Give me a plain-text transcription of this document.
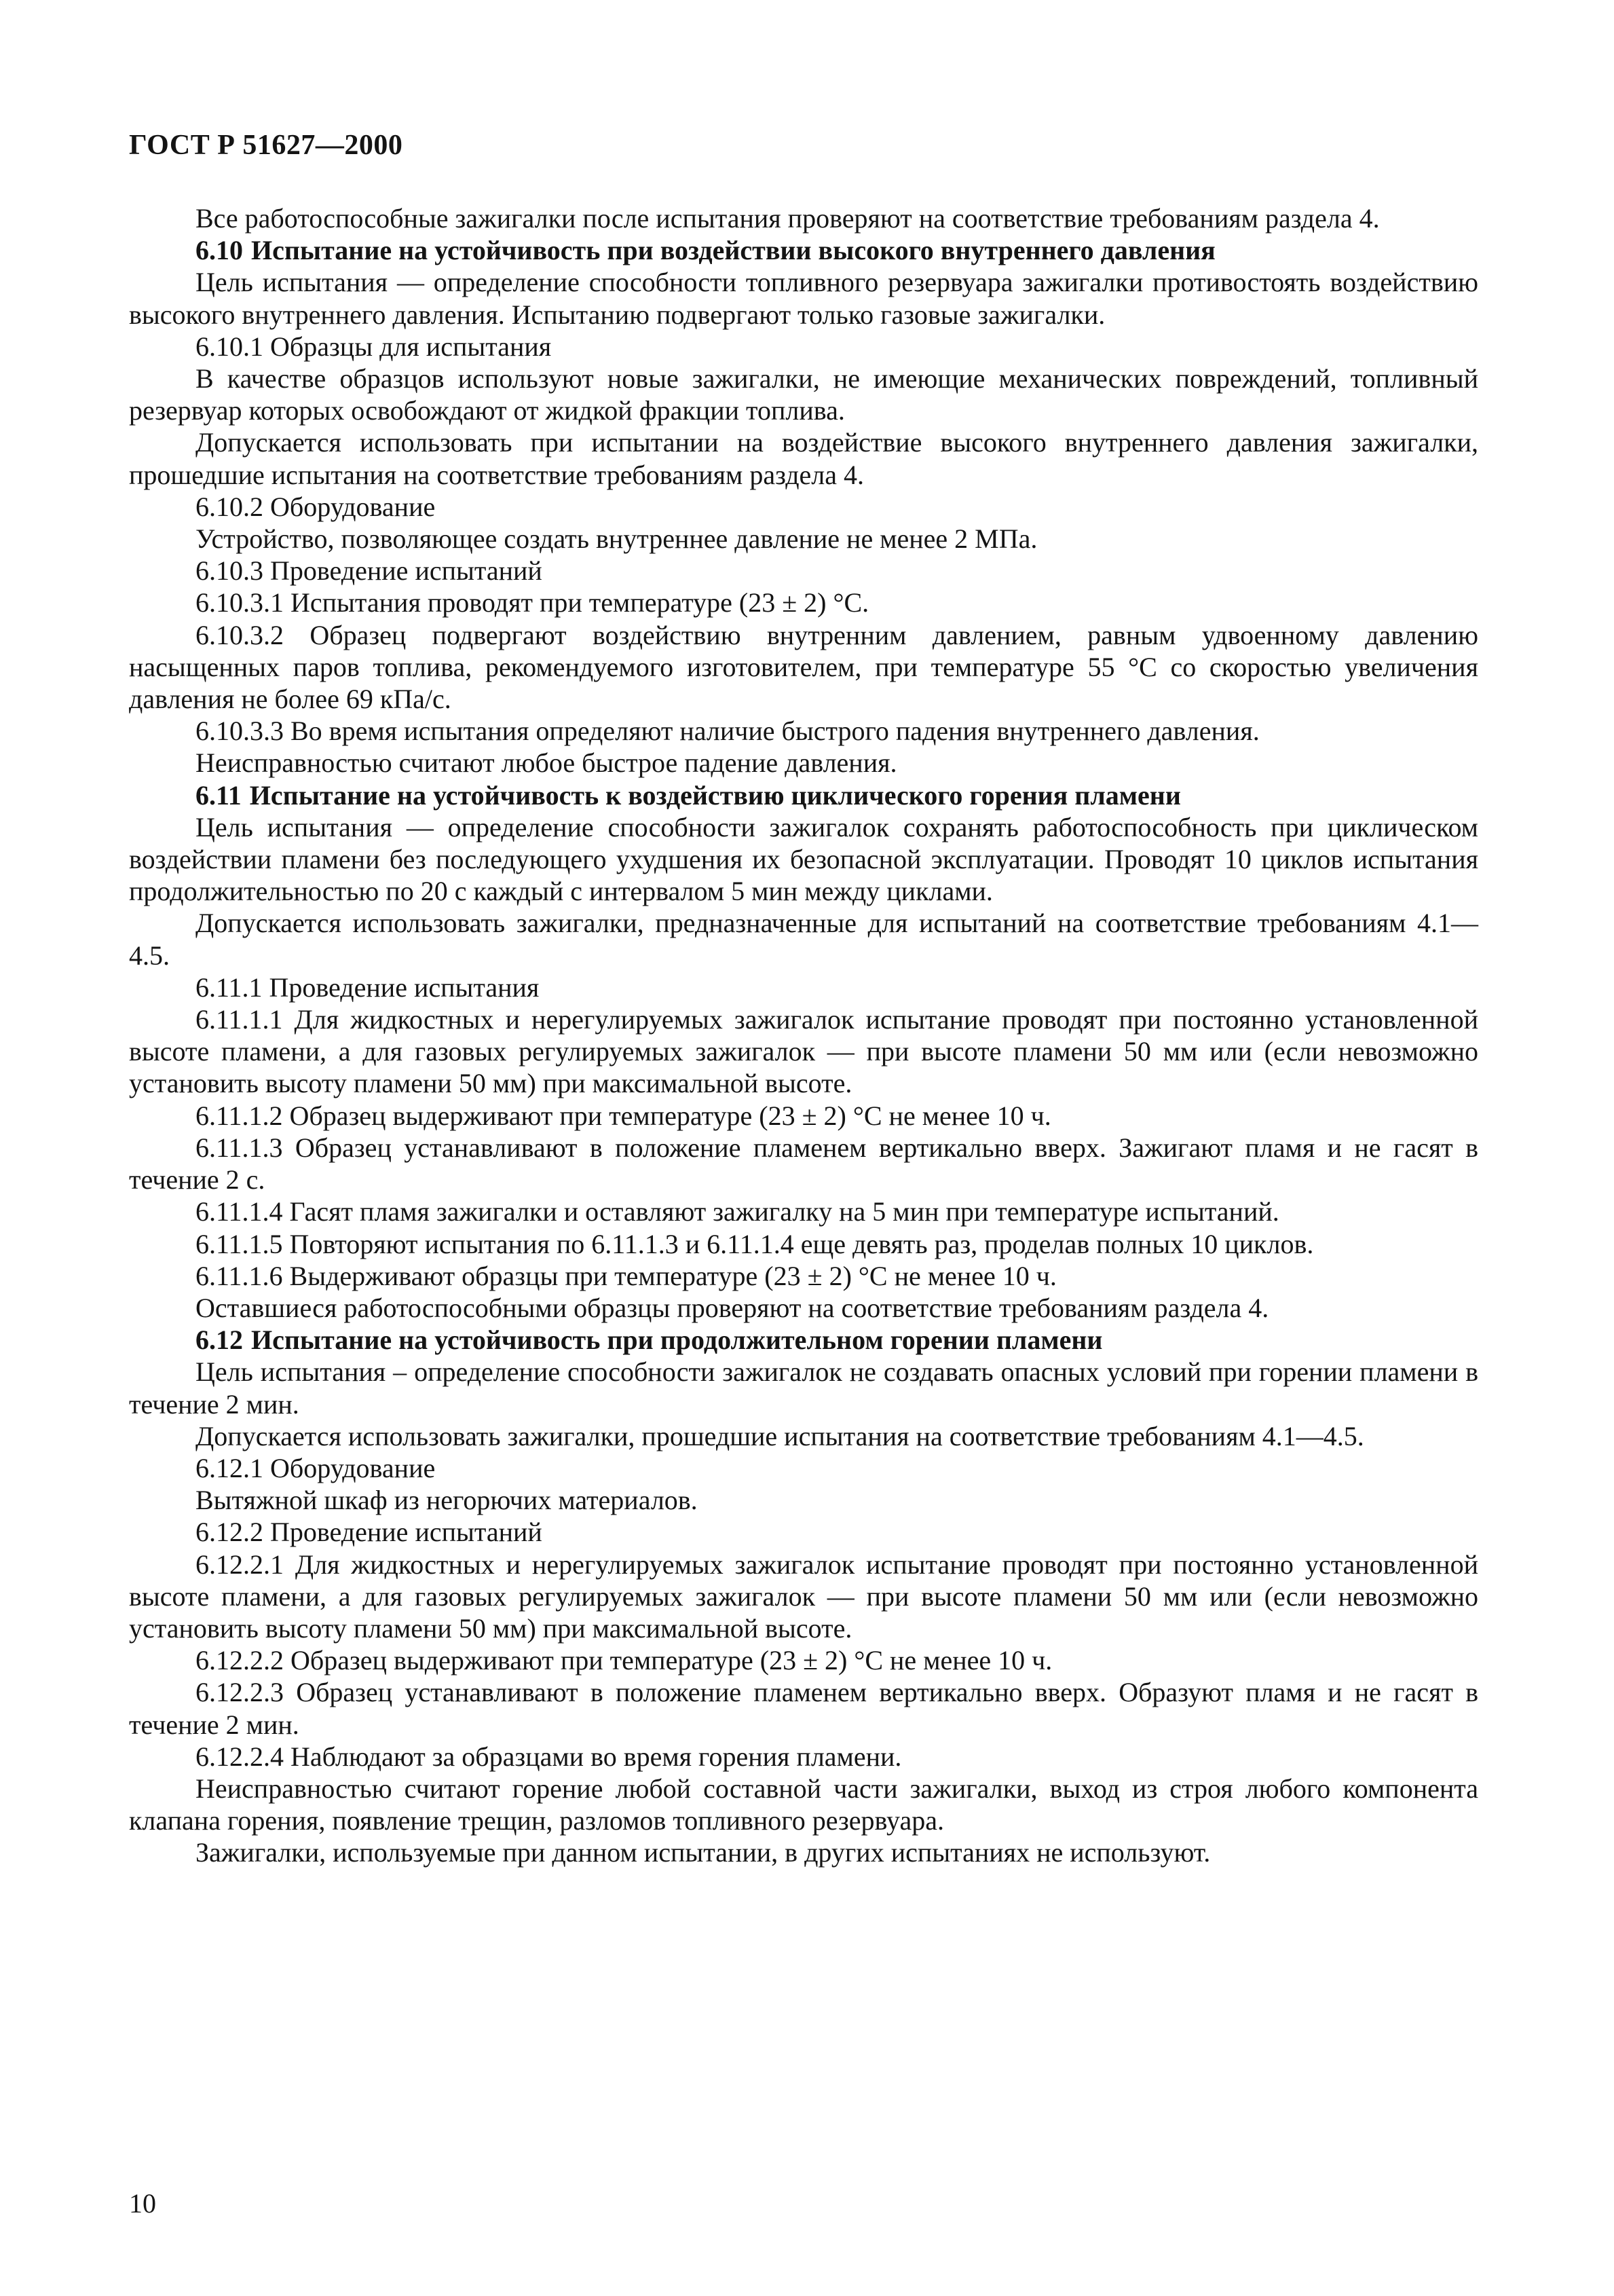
ГОСТ Р 51627—2000

Все работоспособные зажигалки после испытания проверяют на соответствие требованиям раздела 4.

6.10 Испытание на устойчивость при воздействии высокого внутреннего давления

Цель испытания — определение способности топливного резервуара зажигалки противостоять воздействию высокого внутреннего давления. Испытанию подвергают только газовые зажигалки.

6.10.1 Образцы для испытания

В качестве образцов используют новые зажигалки, не имеющие механических повреждений, топливный резервуар которых освобождают от жидкой фракции топлива.

Допускается использовать при испытании на воздействие высокого внутреннего давления зажигалки, прошедшие испытания на соответствие требованиям раздела 4.

6.10.2 Оборудование

Устройство, позволяющее создать внутреннее давление не менее 2 МПа.

6.10.3 Проведение испытаний

6.10.3.1 Испытания проводят при температуре (23 ± 2) °С.

6.10.3.2 Образец подвергают воздействию внутренним давлением, равным удвоенному давлению насыщенных паров топлива, рекомендуемого изготовителем, при температуре 55 °С со скоростью увеличения давления не более 69 кПа/с.

6.10.3.3 Во время испытания определяют наличие быстрого падения внутреннего давления.

Неисправностью считают любое быстрое падение давления.

6.11 Испытание на устойчивость к воздействию циклического горения пламени

Цель испытания — определение способности зажигалок сохранять работоспособность при циклическом воздействии пламени без последующего ухудшения их безопасной эксплуатации. Проводят 10 циклов испытания продолжительностью по 20 с каждый с интервалом 5 мин между циклами.

Допускается использовать зажигалки, предназначенные для испытаний на соответствие требованиям 4.1—4.5.

6.11.1 Проведение испытания

6.11.1.1 Для жидкостных и нерегулируемых зажигалок испытание проводят при постоянно установленной высоте пламени, а для газовых регулируемых зажигалок — при высоте пламени 50 мм или (если невозможно установить высоту пламени 50 мм) при максимальной высоте.

6.11.1.2 Образец выдерживают при температуре (23 ± 2) °С не менее 10 ч.

6.11.1.3 Образец устанавливают в положение пламенем вертикально вверх. Зажигают пламя и не гасят в течение 2 с.

6.11.1.4 Гасят пламя зажигалки и оставляют зажигалку на 5 мин при температуре испытаний.

6.11.1.5 Повторяют испытания по 6.11.1.3 и 6.11.1.4 еще девять раз, проделав полных 10 циклов.

6.11.1.6 Выдерживают образцы при температуре (23 ± 2) °С не менее 10 ч.

Оставшиеся работоспособными образцы проверяют на соответствие требованиям раздела 4.

6.12 Испытание на устойчивость при продолжительном горении пламени

Цель испытания – определение способности зажигалок не создавать опасных условий при горении пламени в течение 2 мин.

Допускается использовать зажигалки, прошедшие испытания на соответствие требованиям 4.1—4.5.

6.12.1 Оборудование

Вытяжной шкаф из негорючих материалов.

6.12.2 Проведение испытаний

6.12.2.1 Для жидкостных и нерегулируемых зажигалок испытание проводят при постоянно установленной высоте пламени, а для газовых регулируемых зажигалок — при высоте пламени 50 мм или (если невозможно установить высоту пламени 50 мм) при максимальной высоте.

6.12.2.2 Образец выдерживают при температуре (23 ± 2) °С не менее 10 ч.

6.12.2.3 Образец устанавливают в положение пламенем вертикально вверх. Образуют пламя и не гасят в течение 2 мин.

6.12.2.4 Наблюдают за образцами во время горения пламени.

Неисправностью считают горение любой составной части зажигалки, выход из строя любого компонента клапана горения, появление трещин, разломов топливного резервуара.

Зажигалки, используемые при данном испытании, в других испытаниях не используют.

10
